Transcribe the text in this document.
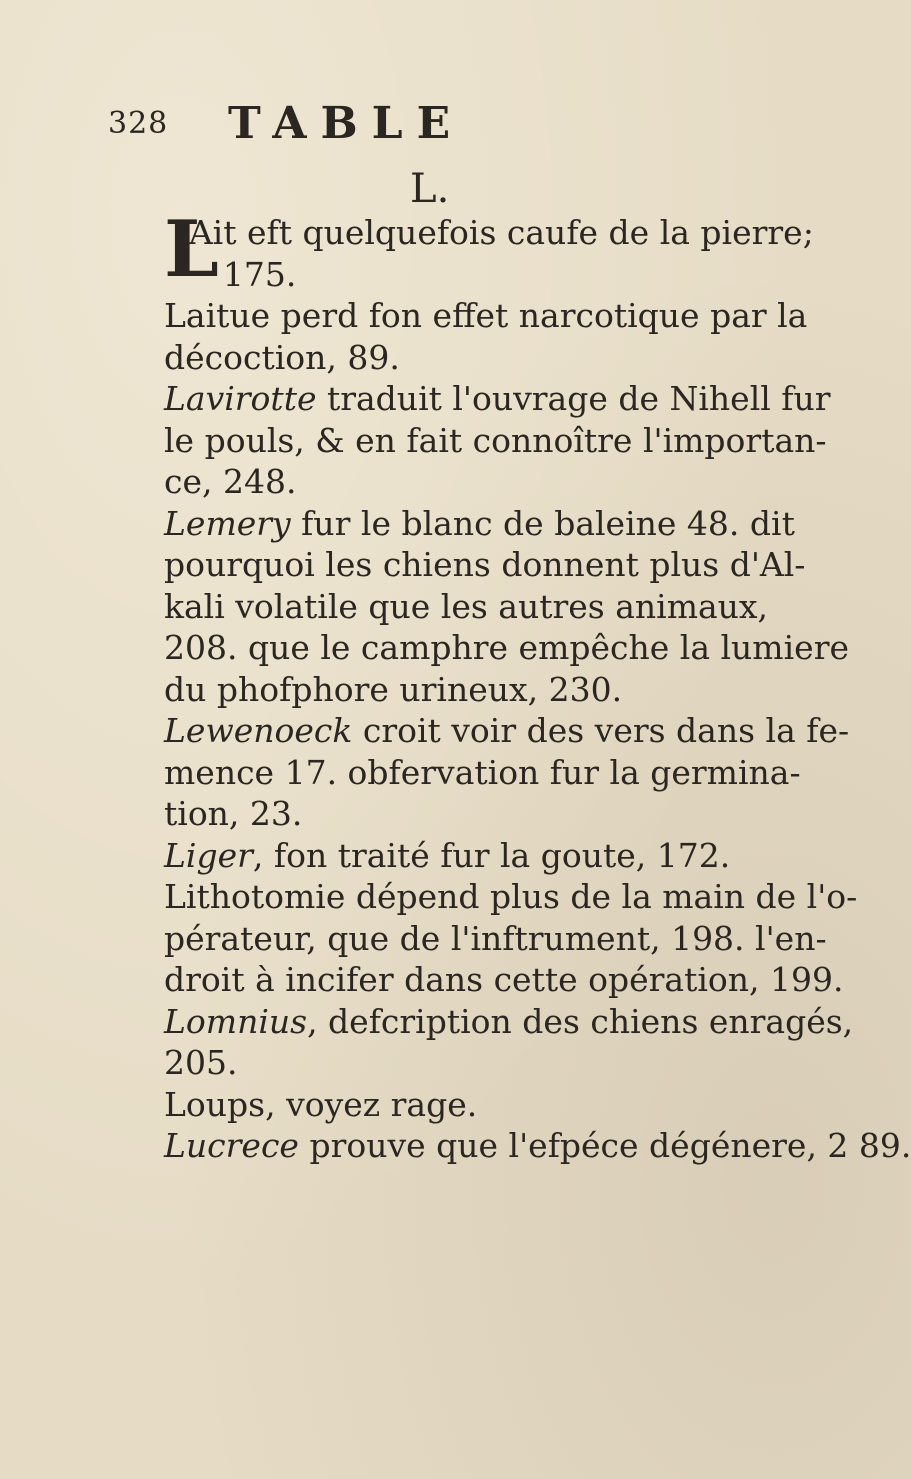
328 TABLE
L.

L
Ait eft quelquefois caufe de la pierre;
175.

Laitue perd fon effet narcotique par la
décoction, 89.

Lavirotte traduit l'ouvrage de Nihell fur
le pouls, & en fait connoître l'importan-
ce, 248.

Lemery fur le blanc de baleine 48. dit
pourquoi les chiens donnent plus d'Al-
kali volatile que les autres animaux,
208. que le camphre empêche la lumiere
du phofphore urineux, 230.

Lewenoeck croit voir des vers dans la fe-
mence 17. obfervation fur la germina-
tion, 23.

Liger, fon traité fur la goute, 172.

Lithotomie dépend plus de la main de l'o-
pérateur, que de l'inftrument, 198. l'en-
droit à incifer dans cette opération, 199.

Lomnius, defcription des chiens enragés,
205.

Loups, voyez rage.

Lucrece prouve que l'efpéce dégénere, 2 89.
